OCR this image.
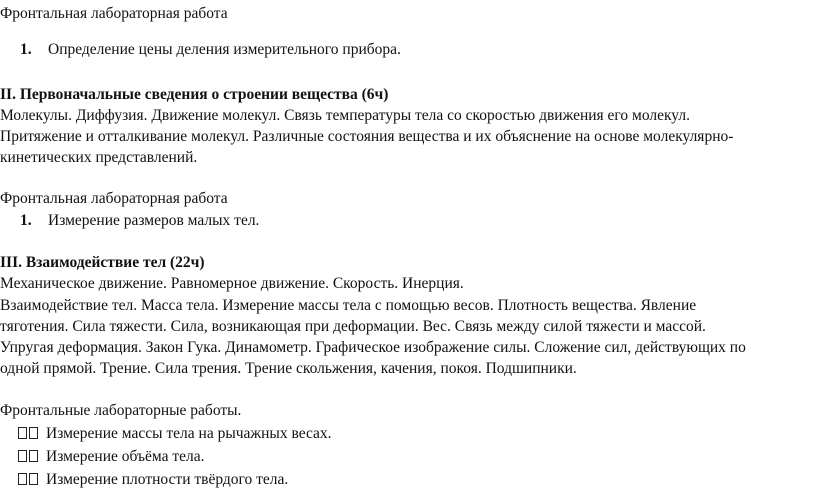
Фронтальная лабораторная работа
1. Определение цены деления измерительного прибора.
II. Первоначальные сведения о строении вещества (6ч)
Молекулы. Диффузия. Движение молекул. Связь температуры тела со скоростью движения его молекул.
Притяжение и отталкивание молекул. Различные состояния вещества и их объяснение на основе молекулярно-
кинетических представлений.
Фронтальная лабораторная работа
1. Измерение размеров малых тел.
III. Взаимодействие тел (22ч)
Механическое движение. Равномерное движение. Скорость. Инерция.
Взаимодействие тел. Масса тела. Измерение массы тела с помощью весов. Плотность вещества. Явление
тяготения. Сила тяжести. Сила, возникающая при деформации. Вес. Связь между силой тяжести и массой.
Упругая деформация. Закон Гука. Динамометр. Графическое изображение силы. Сложение сил, действующих по
одной прямой. Трение. Сила трения. Трение скольжения, качения, покоя. Подшипники.
Фронтальные лабораторные работы.
Измерение массы тела на рычажных весах.
Измерение объёма тела.
Измерение плотности твёрдого тела.
